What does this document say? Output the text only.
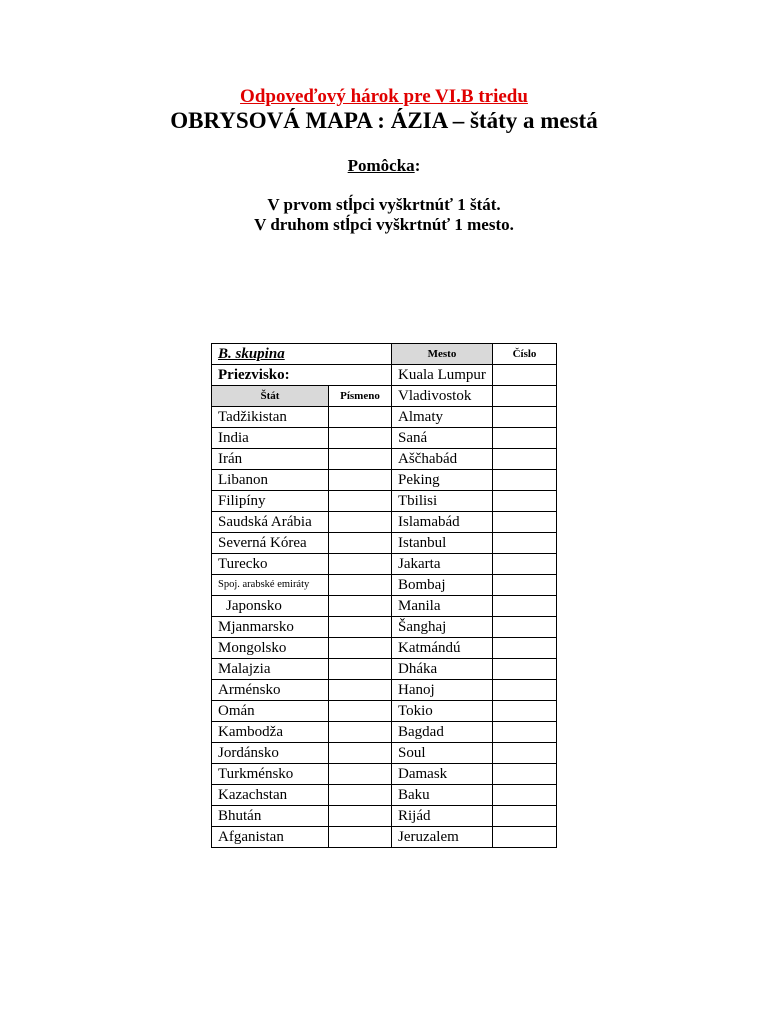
Odpoveďový hárok pre VI.B triedu
OBRYSOVÁ MAPA : ÁZIA – štáty a mestá
Pomôcka:
V prvom stĺpci vyškrtnúť 1 štát.
V druhom stĺpci vyškrtnúť 1 mesto.
B. skupina		Mesto	Číslo
Priezvisko:		Kuala Lumpur	
Štát	Písmeno	Vladivostok	
Tadžikistan		Almaty	
India		Saná	
Irán		Aščhabád	
Libanon		Peking	
Filipíny		Tbilisi	
Saudská Arábia		Islamabád	
Severná Kórea		Istanbul	
Turecko		Jakarta	
Spoj. arabské emiráty		Bombaj	
Japonsko		Manila	
Mjanmarsko		Šanghaj	
Mongolsko		Katmándú	
Malajzia		Dháka	
Arménsko		Hanoj	
Omán		Tokio	
Kambodža		Bagdad	
Jordánsko		Soul	
Turkménsko		Damask	
Kazachstan		Baku	
Bhután		Rijád	
Afganistan		Jeruzalem	
